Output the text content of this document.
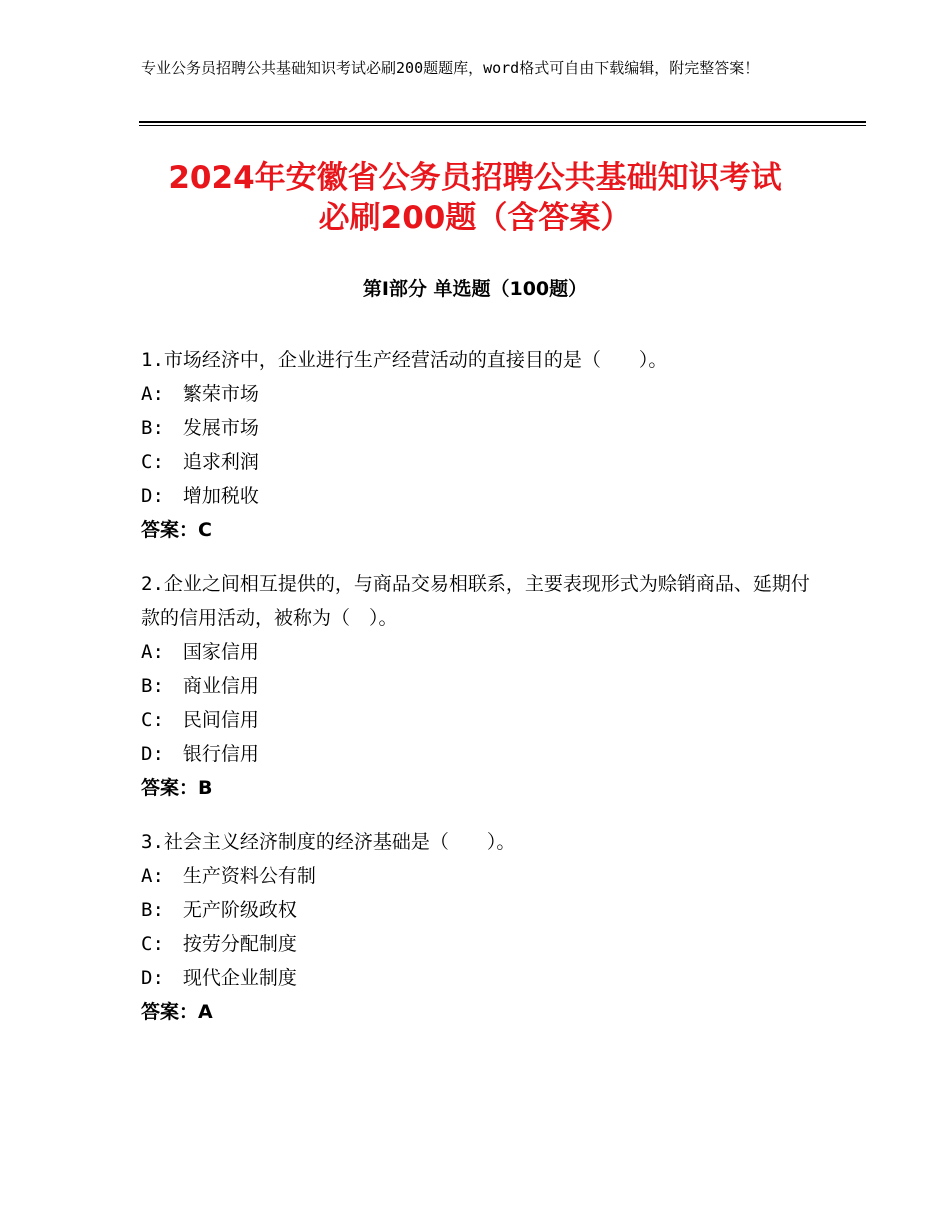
专业公务员招聘公共基础知识考试必刷200题题库，word格式可自由下载编辑，附完整答案！
2024年安徽省公务员招聘公共基础知识考试
必刷200题（含答案）
第Ⅰ部分 单选题（100题）
1.市场经济中，企业进行生产经营活动的直接目的是（　　）。
A:　繁荣市场
B:　发展市场
C:　追求利润
D:　增加税收
答案：C
2.企业之间相互提供的，与商品交易相联系，主要表现形式为赊销商品、延期付款的信用活动，被称为（　）。
A:　国家信用
B:　商业信用
C:　民间信用
D:　银行信用
答案：B
3.社会主义经济制度的经济基础是（　　）。
A:　生产资料公有制
B:　无产阶级政权
C:　按劳分配制度
D:　现代企业制度
答案：A
